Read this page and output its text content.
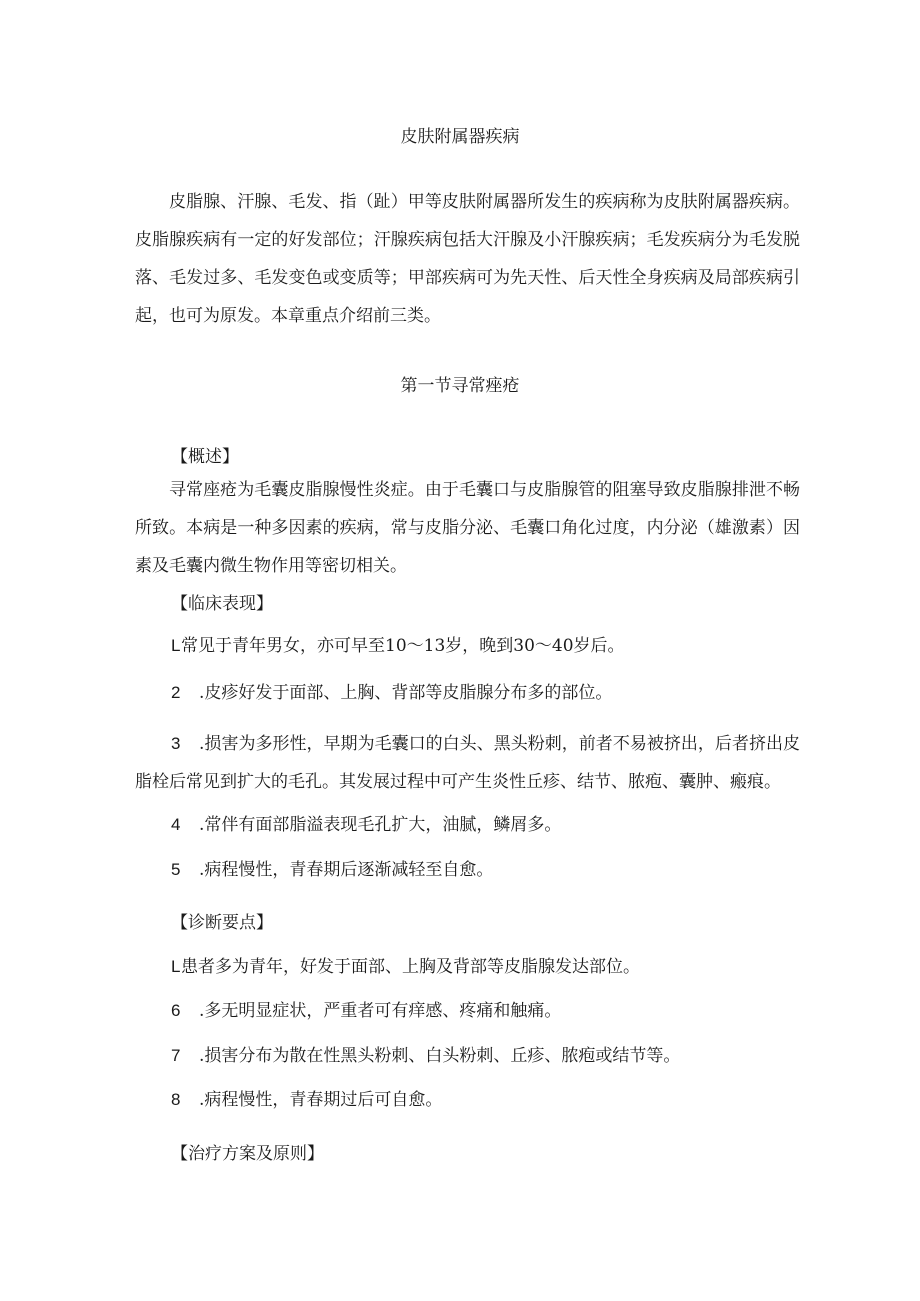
皮肤附属器疾病

皮脂腺、汗腺、毛发、指（趾）甲等皮肤附属器所发生的疾病称为皮肤附属器疾病。皮脂腺疾病有一定的好发部位；汗腺疾病包括大汗腺及小汗腺疾病；毛发疾病分为毛发脱落、毛发过多、毛发变色或变质等；甲部疾病可为先天性、后天性全身疾病及局部疾病引起，也可为原发。本章重点介绍前三类。

第一节寻常痤疮

【概述】

寻常座疮为毛囊皮脂腺慢性炎症。由于毛囊口与皮脂腺管的阻塞导致皮脂腺排泄不畅所致。本病是一种多因素的疾病，常与皮脂分泌、毛囊口角化过度，内分泌（雄激素）因素及毛囊内微生物作用等密切相关。

【临床表现】

L常见于青年男女，亦可早至10～13岁，晚到30～40岁后。

2 .皮疹好发于面部、上胸、背部等皮脂腺分布多的部位。

3 .损害为多形性，早期为毛囊口的白头、黑头粉刺，前者不易被挤出，后者挤出皮脂栓后常见到扩大的毛孔。其发展过程中可产生炎性丘疹、结节、脓疱、囊肿、瘢痕。

4 .常伴有面部脂溢表现毛孔扩大，油腻，鳞屑多。

5 .病程慢性，青春期后逐渐减轻至自愈。

【诊断要点】

L患者多为青年，好发于面部、上胸及背部等皮脂腺发达部位。

6 .多无明显症状，严重者可有痒感、疼痛和触痛。

7 .损害分布为散在性黑头粉刺、白头粉刺、丘疹、脓疱或结节等。

8 .病程慢性，青春期过后可自愈。

【治疗方案及原则】
